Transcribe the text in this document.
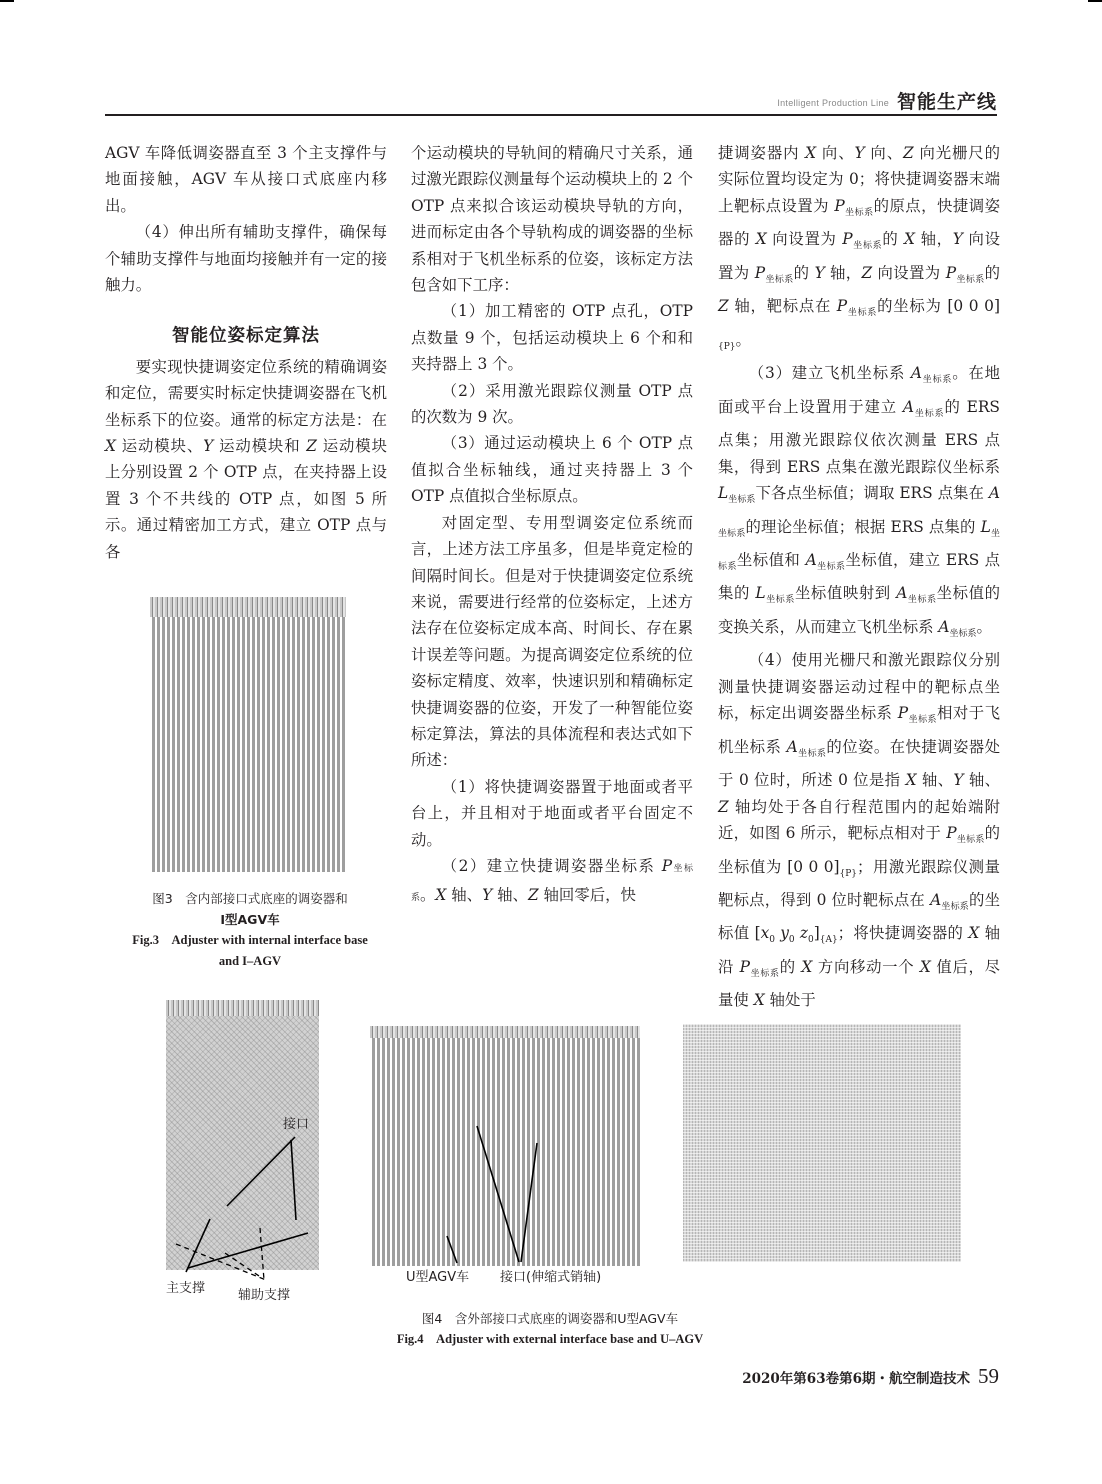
Intelligent Production Line 智能生产线

AGV 车降低调姿器直至 3 个主支撑件与地面接触，AGV 车从接口式底座内移出。

（4）伸出所有辅助支撑件，确保每个辅助支撑件与地面均接触并有一定的接触力。

智能位姿标定算法

要实现快捷调姿定位系统的精确调姿和定位，需要实时标定快捷调姿器在飞机坐标系下的位姿。通常的标定方法是：在 X 运动模块、Y 运动模块和 Z 运动模块上分别设置 2 个 OTP 点，在夹持器上设置 3 个不共线的 OTP 点，如图 5 所示。通过精密加工方式，建立 OTP 点与各

图3　含内部接口式底座的调姿器和
I型AGV车
Fig.3　Adjuster with internal interface base
and I–AGV

个运动模块的导轨间的精确尺寸关系，通过激光跟踪仪测量每个运动模块上的 2 个 OTP 点来拟合该运动模块导轨的方向，进而标定由各个导轨构成的调姿器的坐标系相对于飞机坐标系的位姿，该标定方法包含如下工序：

（1）加工精密的 OTP 点孔，OTP 点数量 9 个，包括运动模块上 6 个和和夹持器上 3 个。

（2）采用激光跟踪仪测量 OTP 点的次数为 9 次。

（3）通过运动模块上 6 个 OTP 点值拟合坐标轴线，通过夹持器上 3 个 OTP 点值拟合坐标原点。

对固定型、专用型调姿定位系统而言，上述方法工序虽多，但是毕竟定检的间隔时间长。但是对于快捷调姿定位系统来说，需要进行经常的位姿标定，上述方法存在位姿标定成本高、时间长、存在累计误差等问题。为提高调姿定位系统的位姿标定精度、效率，快速识别和精确标定快捷调姿器的位姿，开发了一种智能位姿标定算法，算法的具体流程和表达式如下所述：

（1）将快捷调姿器置于地面或者平台上，并且相对于地面或者平台固定不动。

（2）建立快捷调姿器坐标系 P坐标系。X 轴、Y 轴、Z 轴回零后，快

捷调姿器内 X 向、Y 向、Z 向光栅尺的实际位置均设定为 0；将快捷调姿器末端上靶标点设置为 $P_{坐标系}$的原点，快捷调姿器的 X 向设置为 $P_{坐标系}$的 X 轴，Y 向设置为 $P_{坐标系}$的 Y 轴，Z 向设置为 $P_{坐标系}$的 Z 轴，靶标点在 $P_{坐标系}$的坐标为 [0 0 $0]_{\{P\}}$。

（3）建立飞机坐标系 $A_{坐标系}$。在地面或平台上设置用于建立 $A_{坐标系}$的 ERS 点集；用激光跟踪仪依次测量 ERS 点集，得到 ERS 点集在激光跟踪仪坐标系 $L_{坐标系}$下各点坐标值；调取 ERS 点集在 $A_{坐标系}$的理论坐标值；根据 ERS 点集的 $L_{坐标系}$坐标值和 $A_{坐标系}$坐标值，建立 ERS 点集的 $L_{坐标系}$坐标值映射到 $A_{坐标系}$坐标值的变换关系，从而建立飞机坐标系 $A_{坐标系}$。

（4）使用光栅尺和激光跟踪仪分别测量快捷调姿器运动过程中的靶标点坐标，标定出调姿器坐标系 $P_{坐标系}$相对于飞机坐标系 $A_{坐标系}$的位姿。在快捷调姿器处于 0 位时，所述 0 位是指 X 轴、Y 轴、Z 轴均处于各自行程范围内的起始端附近，如图 6 所示，靶标点相对于 $P_{坐标系}$的坐标值为 [0 0 $0]_{\{P\}}$；用激光跟踪仪测量靶标点，得到 0 位时靶标点在 $A_{坐标系}$的坐标值 [$x_0$ $y_0$ $z_0]_{\{A\}}$；将快捷调姿器的 X 轴沿 $P_{坐标系}$的 X 方向移动一个 X 值后，尽量使 X 轴处于

接口
主支撑	辅助支撑
U型AGV车 接口(伸缩式销轴)
图4　含外部接口式底座的调姿器和U型AGV车
Fig.4　Adjuster with external interface base and U–AGV
2020年第63卷第6期・航空制造技术 59
